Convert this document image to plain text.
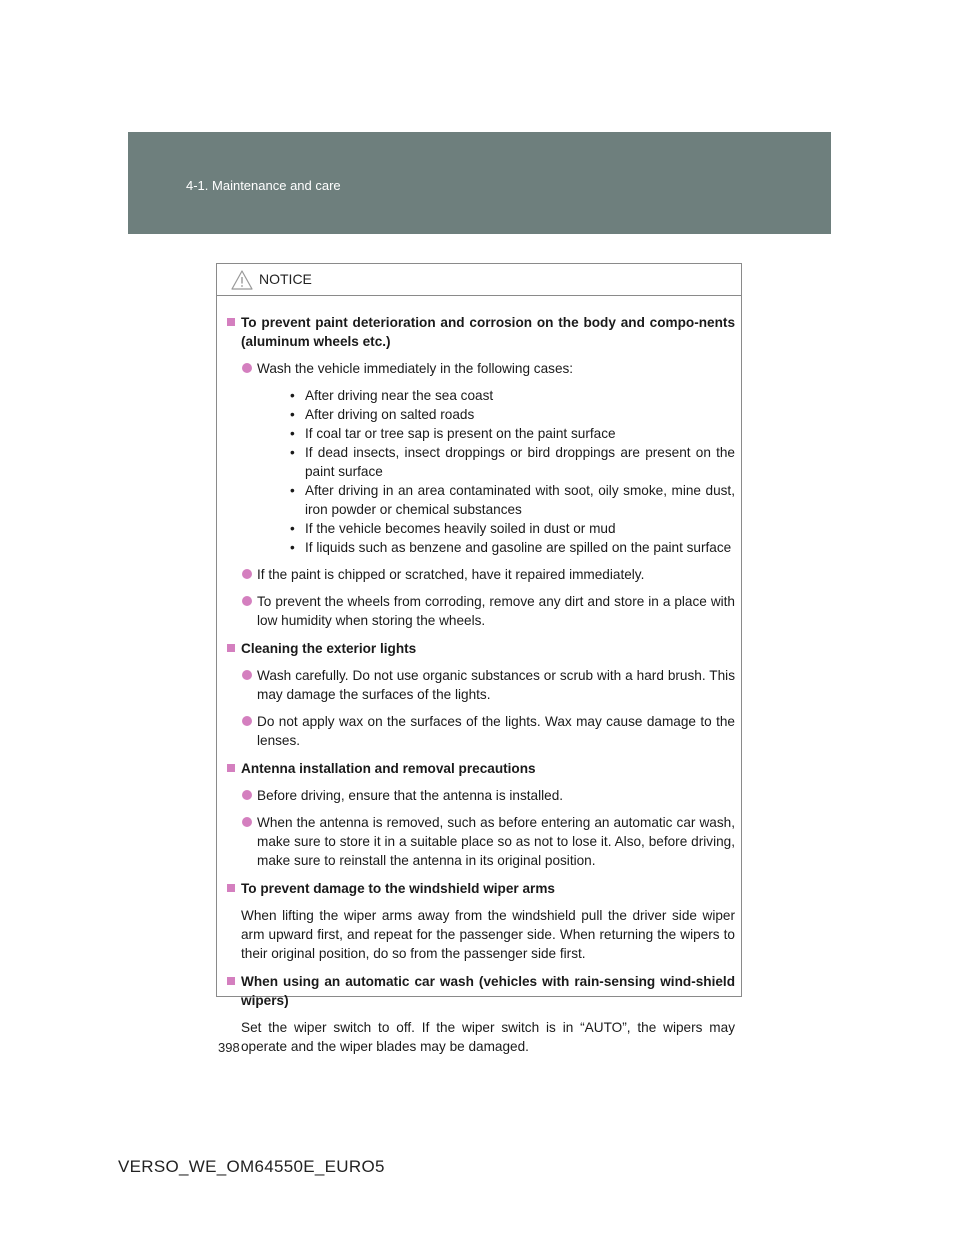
4-1. Maintenance and care
NOTICE
To prevent paint deterioration and corrosion on the body and compo-nents (aluminum wheels etc.)
Wash the vehicle immediately in the following cases:
• After driving near the sea coast
• After driving on salted roads
• If coal tar or tree sap is present on the paint surface
• If dead insects, insect droppings or bird droppings are present on the paint surface
• After driving in an area contaminated with soot, oily smoke, mine dust, iron powder or chemical substances
• If the vehicle becomes heavily soiled in dust or mud
• If liquids such as benzene and gasoline are spilled on the paint surface
If the paint is chipped or scratched, have it repaired immediately.
To prevent the wheels from corroding, remove any dirt and store in a place with low humidity when storing the wheels.
Cleaning the exterior lights
Wash carefully. Do not use organic substances or scrub with a hard brush. This may damage the surfaces of the lights.
Do not apply wax on the surfaces of the lights. Wax may cause damage to the lenses.
Antenna installation and removal precautions
Before driving, ensure that the antenna is installed.
When the antenna is removed, such as before entering an automatic car wash, make sure to store it in a suitable place so as not to lose it. Also, before driving, make sure to reinstall the antenna in its original position.
To prevent damage to the windshield wiper arms
When lifting the wiper arms away from the windshield pull the driver side wiper arm upward first, and repeat for the passenger side. When returning the wipers to their original position, do so from the passenger side first.
When using an automatic car wash (vehicles with rain-sensing wind-shield wipers)
Set the wiper switch to off. If the wiper switch is in “AUTO”, the wipers may operate and the wiper blades may be damaged.
398
VERSO_WE_OM64550E_EURO5
